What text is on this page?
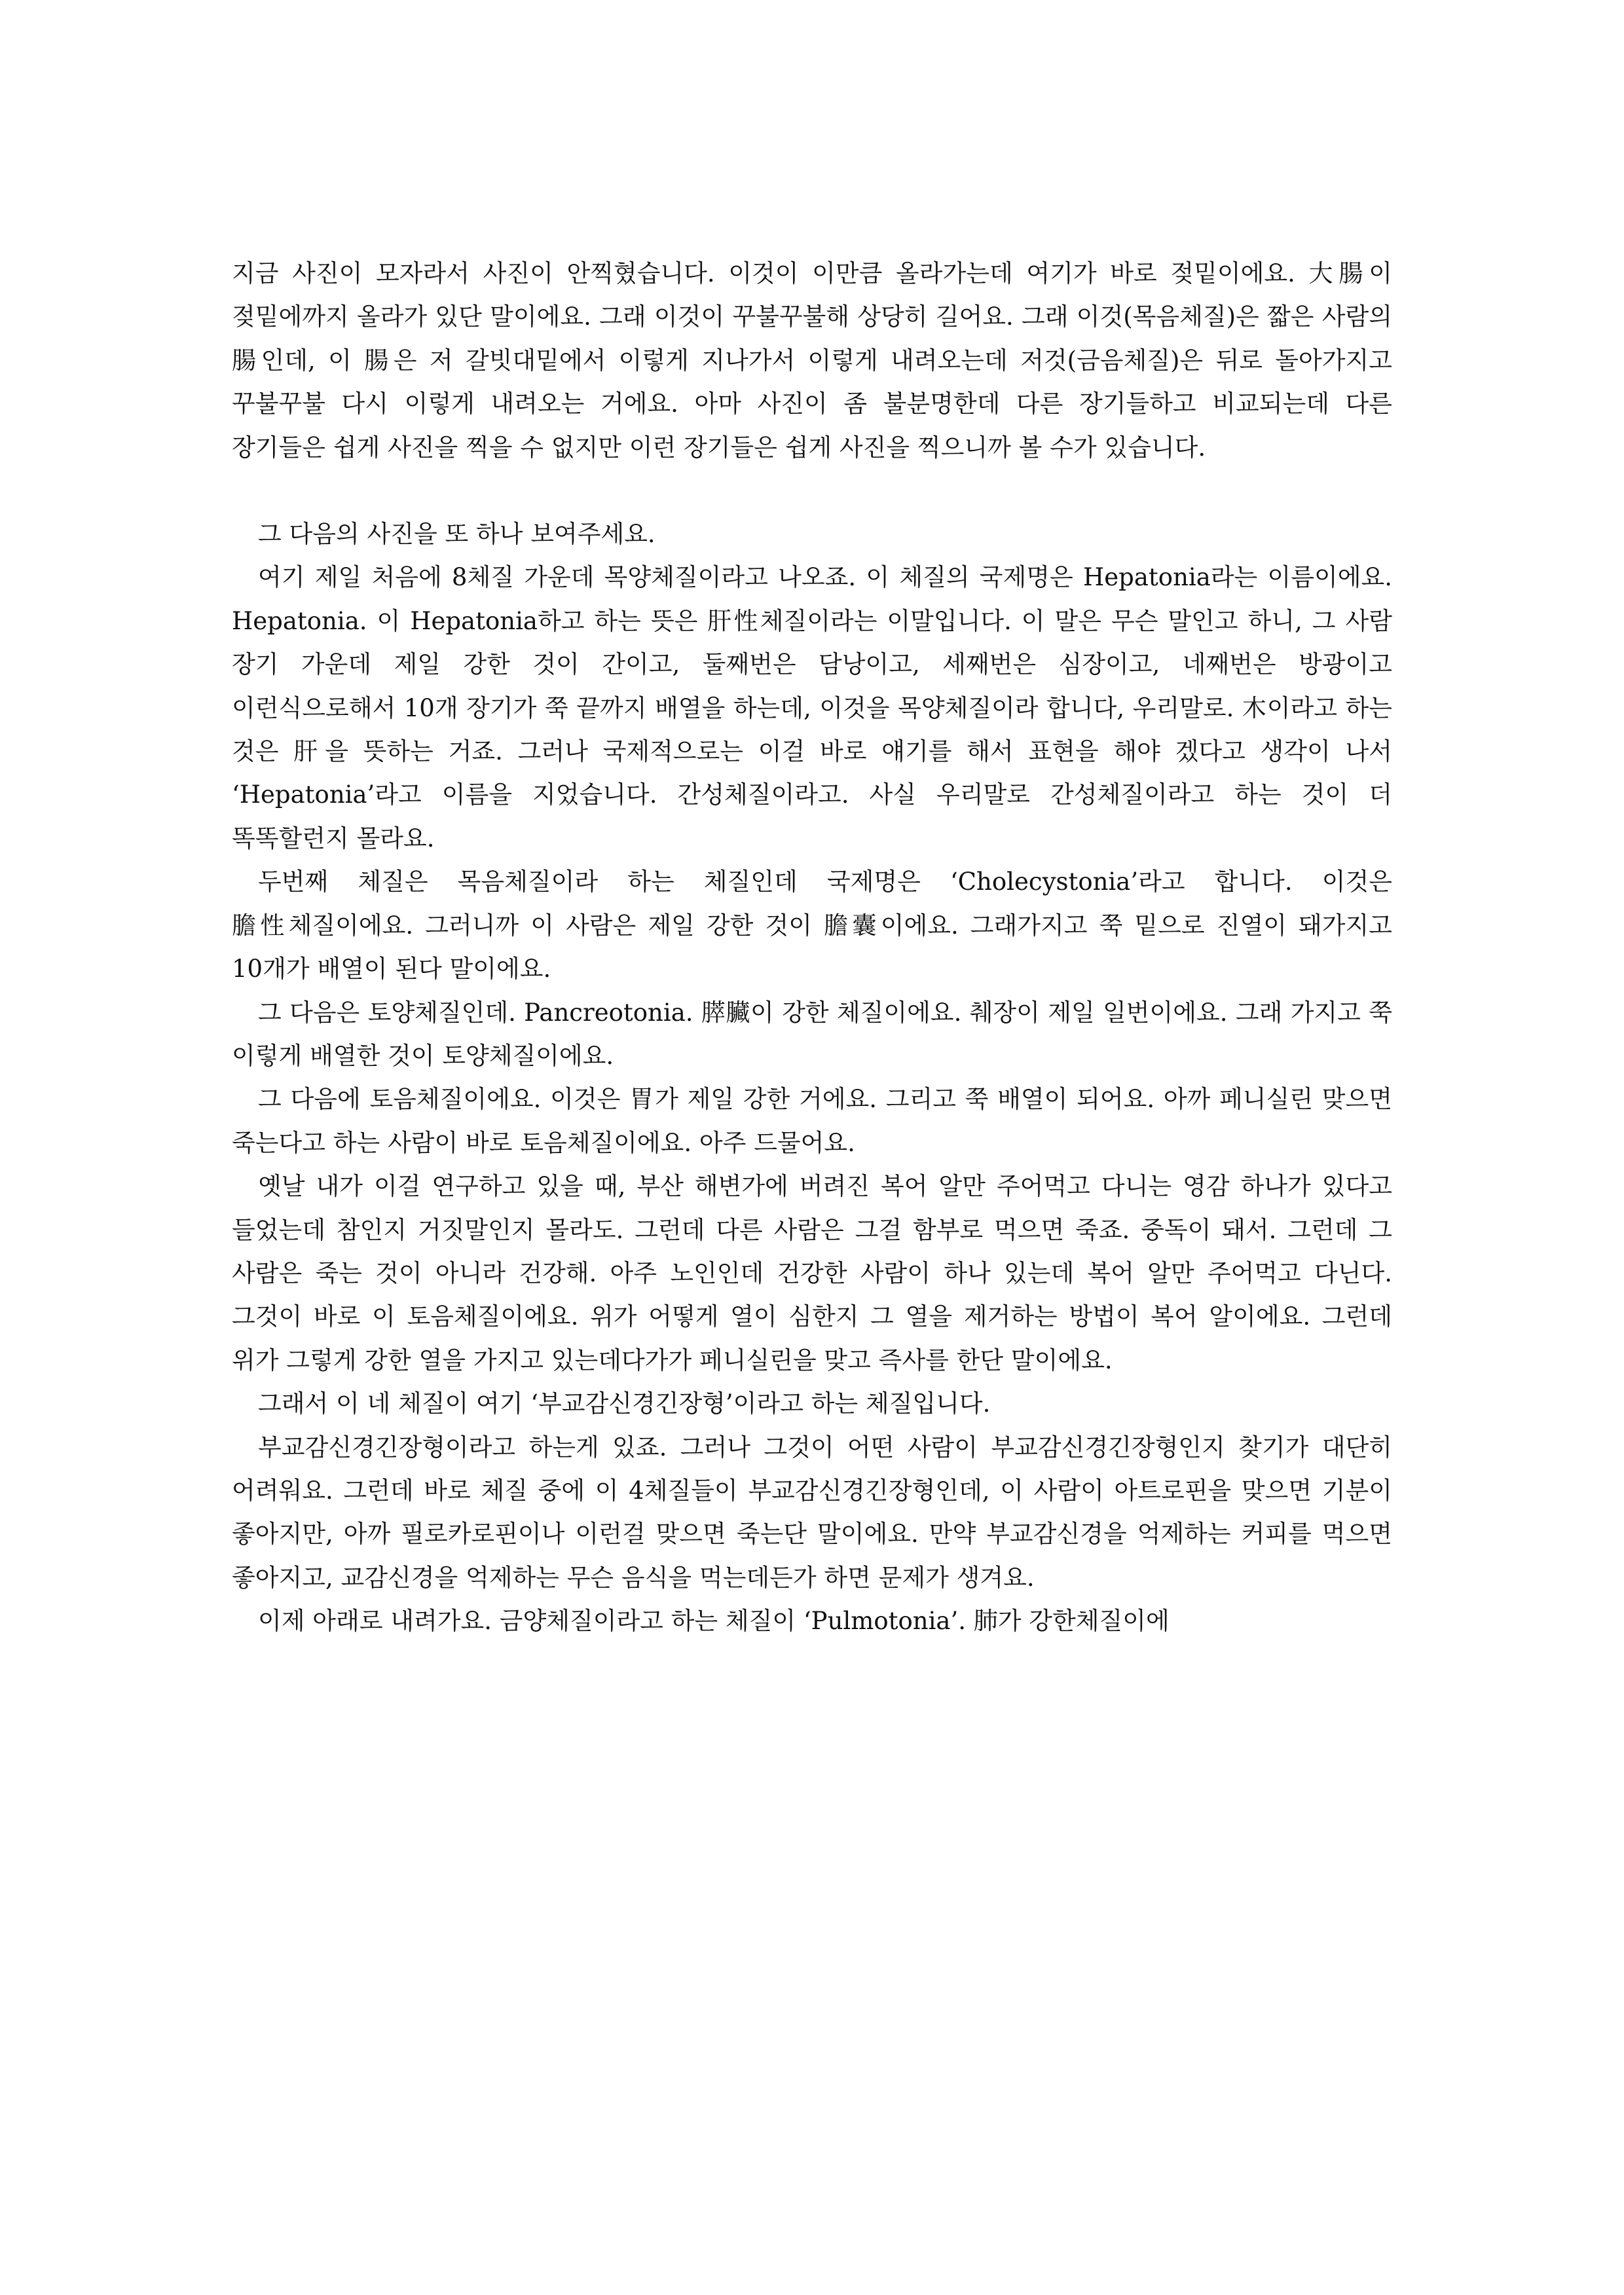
지금 사진이 모자라서 사진이 안찍혔습니다. 이것이 이만큼 올라가는데 여기가 바로 젖밑이에요. 大腸이 젖밑에까지 올라가 있단 말이에요. 그래 이것이 꾸불꾸불해 상당히 길어요. 그래 이것(목음체질)은 짧은 사람의 腸인데, 이 腸은 저 갈빗대밑에서 이렇게 지나가서 이렇게 내려오는데 저것(금음체질)은 뒤로 돌아가지고 꾸불꾸불 다시 이렇게 내려오는 거에요. 아마 사진이 좀 불분명한데 다른 장기들하고 비교되는데 다른 장기들은 쉽게 사진을 찍을 수 없지만 이런 장기들은 쉽게 사진을 찍으니까 볼 수가 있습니다.

그 다음의 사진을 또 하나 보여주세요.

여기 제일 처음에 8체질 가운데 목양체질이라고 나오죠. 이 체질의 국제명은 Hepatonia라는 이름이에요. Hepatonia. 이 Hepatonia하고 하는 뜻은 肝性체질이라는 이말입니다. 이 말은 무슨 말인고 하니, 그 사람 장기 가운데 제일 강한 것이 간이고, 둘째번은 담낭이고, 세째번은 심장이고, 네째번은 방광이고 이런식으로해서 10개 장기가 쭉 끝까지 배열을 하는데, 이것을 목양체질이라 합니다, 우리말로. 木이라고 하는 것은 肝을 뜻하는 거죠. 그러나 국제적으로는 이걸 바로 얘기를 해서 표현을 해야 겠다고 생각이 나서 ‘Hepatonia’라고 이름을 지었습니다. 간성체질이라고. 사실 우리말로 간성체질이라고 하는 것이 더 똑똑할런지 몰라요.

두번째 체질은 목음체질이라 하는 체질인데 국제명은 ‘Cholecystonia’라고 합니다. 이것은 膽性체질이에요. 그러니까 이 사람은 제일 강한 것이 膽囊이에요. 그래가지고 쭉 밑으로 진열이 돼가지고 10개가 배열이 된다 말이에요.

그 다음은 토양체질인데. Pancreotonia. 膵臟이 강한 체질이에요. 췌장이 제일 일번이에요. 그래 가지고 쭉 이렇게 배열한 것이 토양체질이에요.

그 다음에 토음체질이에요. 이것은 胃가 제일 강한 거에요. 그리고 쭉 배열이 되어요. 아까 페니실린 맞으면 죽는다고 하는 사람이 바로 토음체질이에요. 아주 드물어요.

옛날 내가 이걸 연구하고 있을 때, 부산 해변가에 버려진 복어 알만 주어먹고 다니는 영감 하나가 있다고 들었는데 참인지 거짓말인지 몰라도. 그런데 다른 사람은 그걸 함부로 먹으면 죽죠. 중독이 돼서. 그런데 그 사람은 죽는 것이 아니라 건강해. 아주 노인인데 건강한 사람이 하나 있는데 복어 알만 주어먹고 다닌다. 그것이 바로 이 토음체질이에요. 위가 어떻게 열이 심한지 그 열을 제거하는 방법이 복어 알이에요. 그런데 위가 그렇게 강한 열을 가지고 있는데다가가 페니실린을 맞고 즉사를 한단 말이에요.

그래서 이 네 체질이 여기 ‘부교감신경긴장형’이라고 하는 체질입니다.

부교감신경긴장형이라고 하는게 있죠. 그러나 그것이 어떤 사람이 부교감신경긴장형인지 찾기가 대단히 어려워요. 그런데 바로 체질 중에 이 4체질들이 부교감신경긴장형인데, 이 사람이 아트로핀을 맞으면 기분이 좋아지만, 아까 필로카로핀이나 이런걸 맞으면 죽는단 말이에요. 만약 부교감신경을 억제하는 커피를 먹으면 좋아지고, 교감신경을 억제하는 무슨 음식을 먹는데든가 하면 문제가 생겨요.

이제 아래로 내려가요. 금양체질이라고 하는 체질이 ‘Pulmotonia’. 肺가 강한체질이에
